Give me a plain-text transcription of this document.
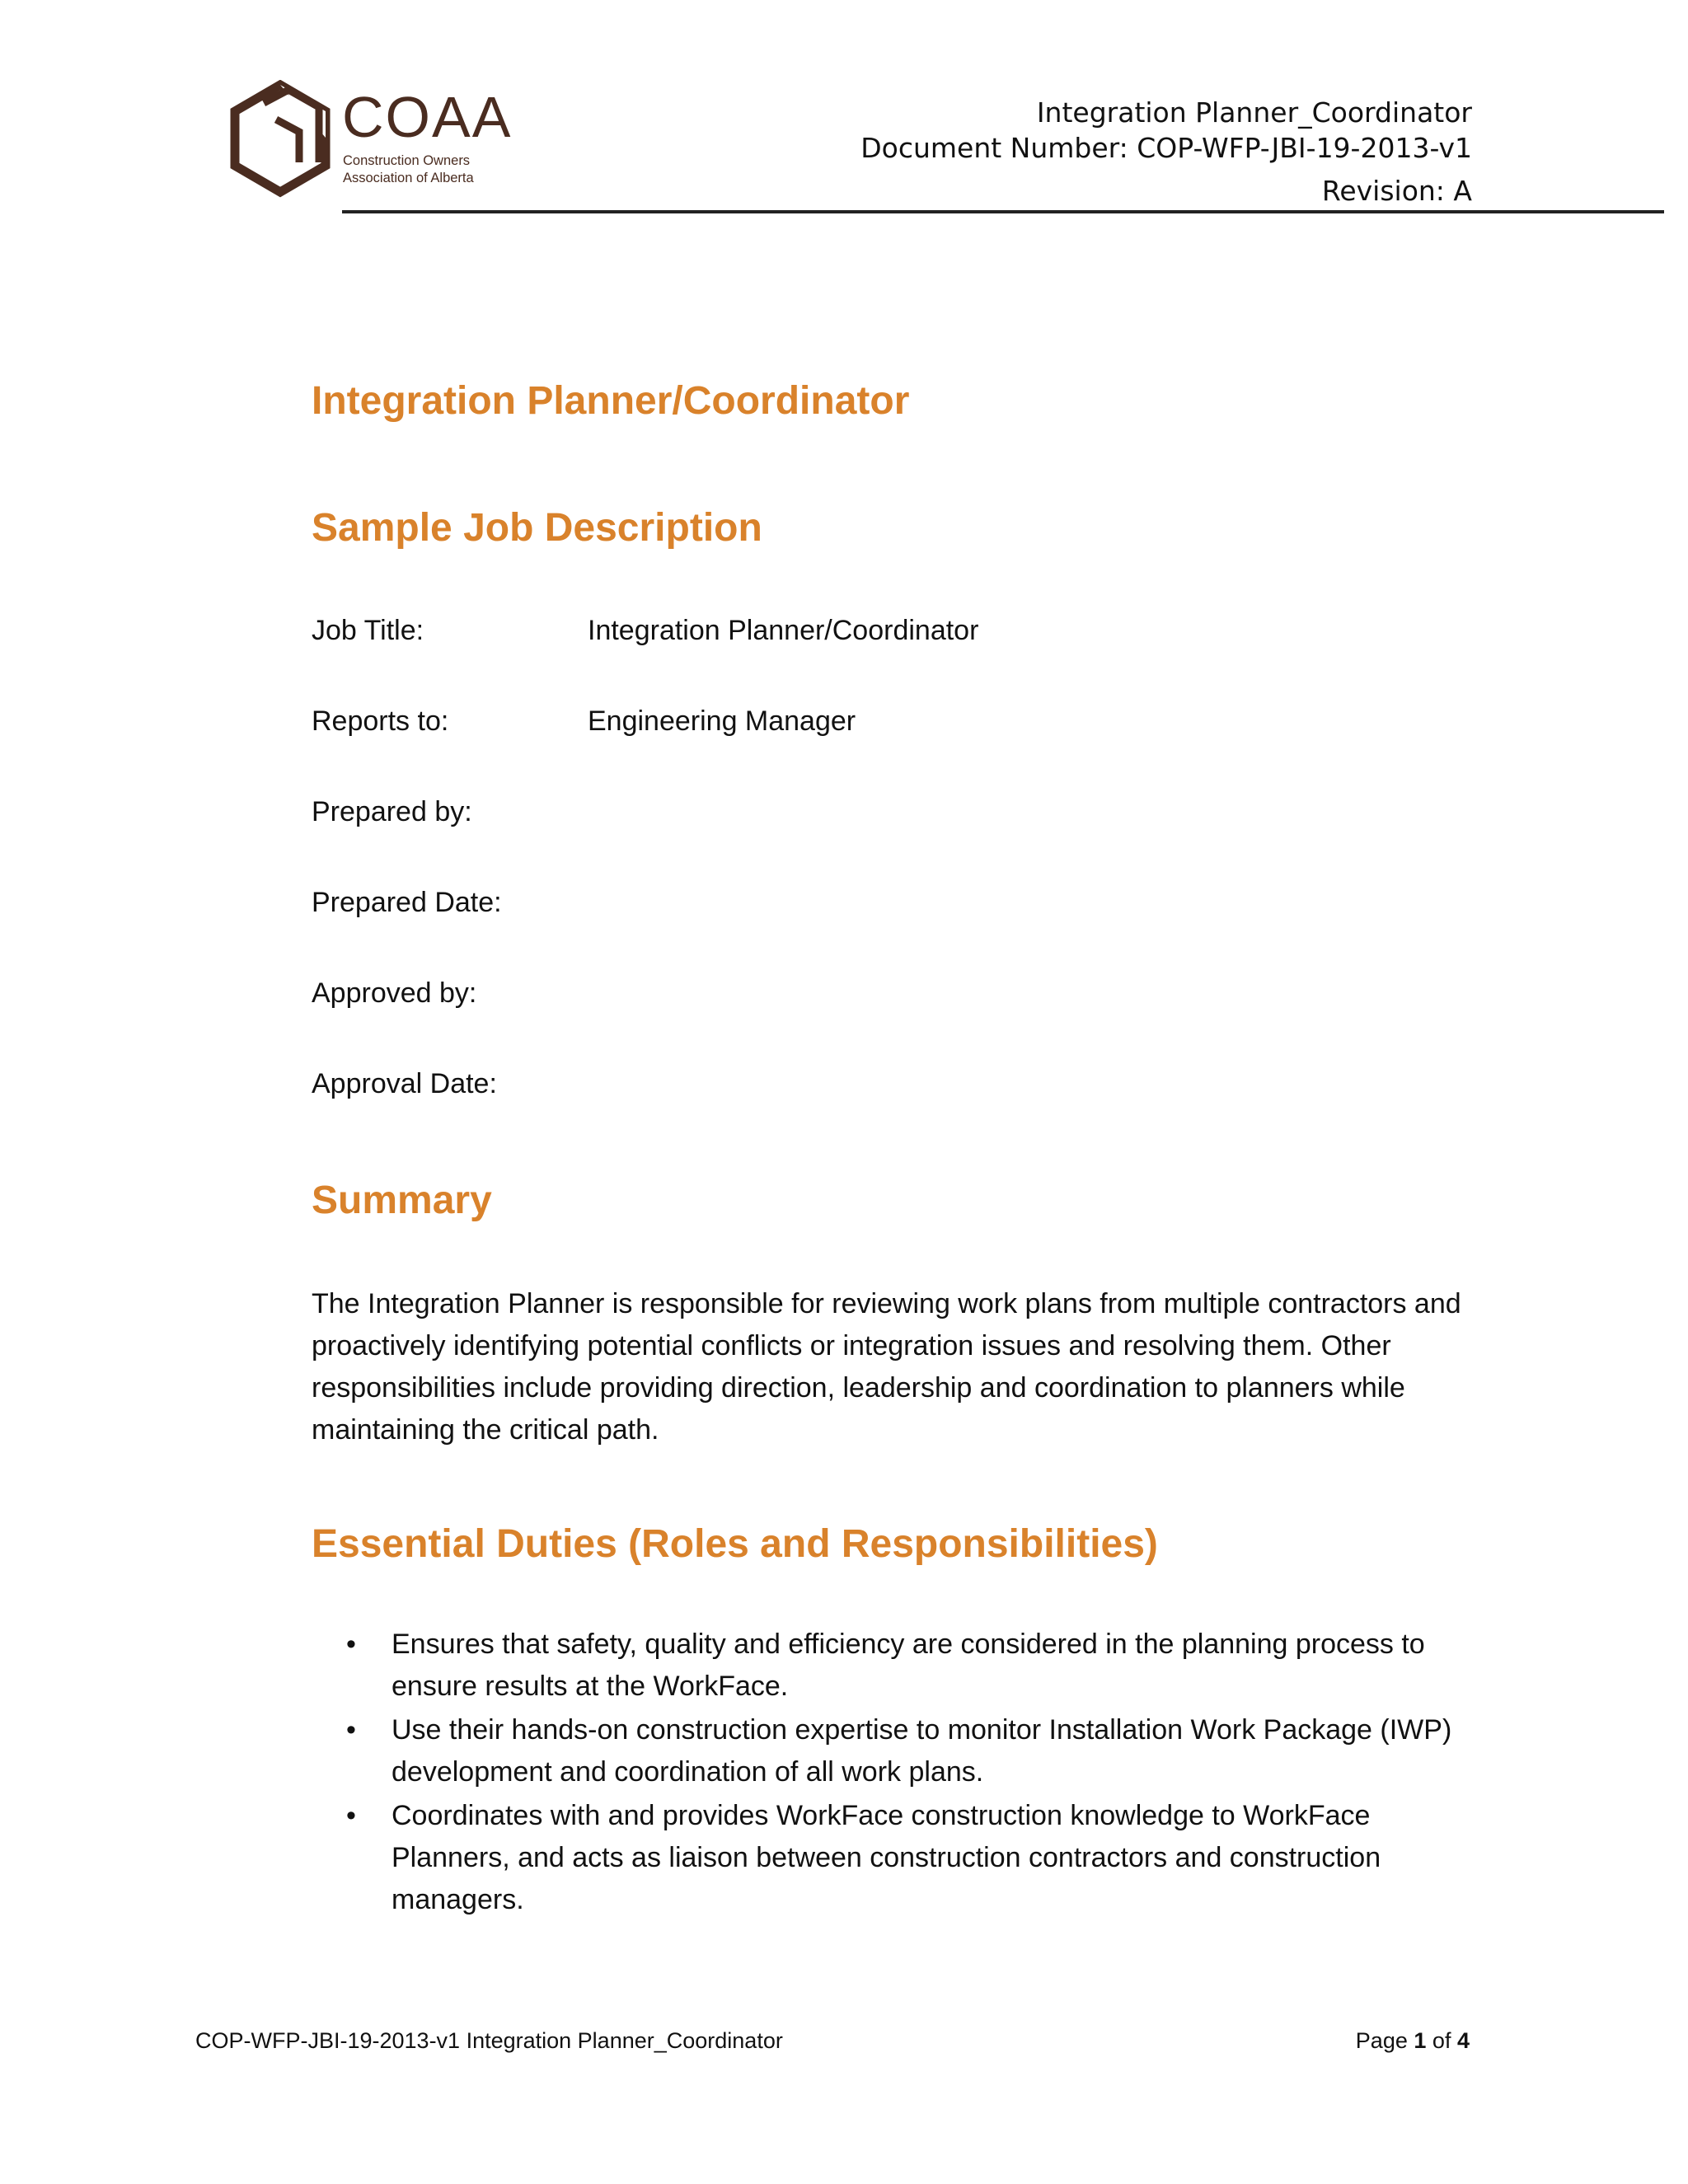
COAA
Construction Owners
Association of Alberta
Integration Planner_Coordinator
Document Number: COP-WFP-JBI-19-2013-v1
Revision: A
Integration Planner/Coordinator
Sample Job Description
Job Title:	Integration Planner/Coordinator
Reports to:	Engineering Manager
Prepared by:
Prepared Date:
Approved by:
Approval Date:
Summary

The Integration Planner is responsible for reviewing work plans from multiple contractors and proactively identifying potential conflicts or integration issues and resolving them. Other responsibilities include providing direction, leadership and coordination to planners while maintaining the critical path.

Essential Duties (Roles and Responsibilities)
• Ensures that safety, quality and efficiency are considered in the planning process to ensure results at the WorkFace.
• Use their hands-on construction expertise to monitor Installation Work Package (IWP) development and coordination of all work plans.
• Coordinates with and provides WorkFace construction knowledge to WorkFace Planners, and acts as liaison between construction contractors and construction managers.
COP-WFP-JBI-19-2013-v1 Integration Planner_Coordinator	Page 1 of 4
